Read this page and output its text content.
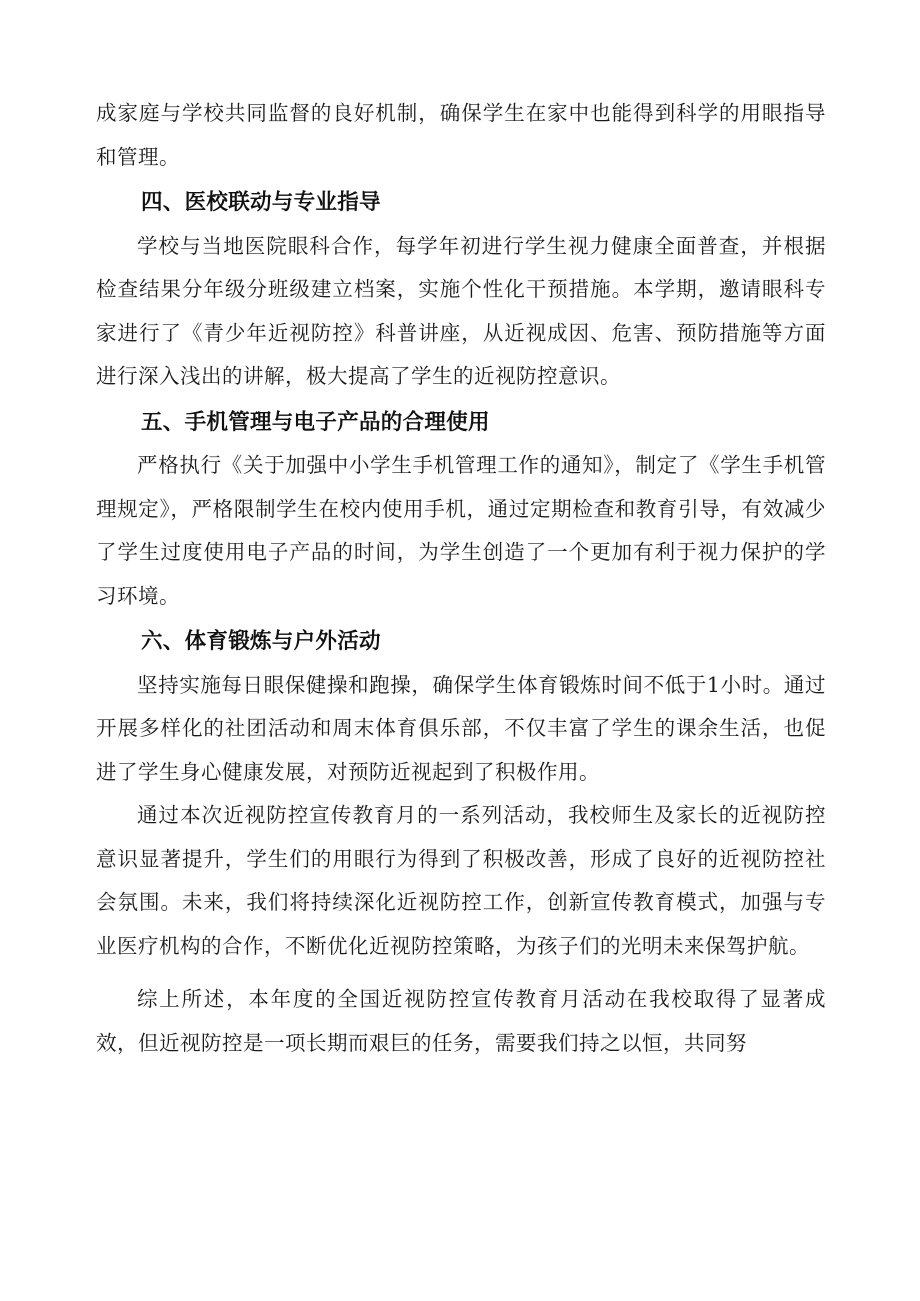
成家庭与学校共同监督的良好机制，确保学生在家中也能得到科学的用眼指导和管理。

四、医校联动与专业指导

学校与当地医院眼科合作，每学年初进行学生视力健康全面普查，并根据检查结果分年级分班级建立档案，实施个性化干预措施。本学期，邀请眼科专家进行了《青少年近视防控》科普讲座，从近视成因、危害、预防措施等方面进行深入浅出的讲解，极大提高了学生的近视防控意识。

五、手机管理与电子产品的合理使用

严格执行《关于加强中小学生手机管理工作的通知》，制定了《学生手机管理规定》，严格限制学生在校内使用手机，通过定期检查和教育引导，有效减少了学生过度使用电子产品的时间，为学生创造了一个更加有利于视力保护的学习环境。

六、体育锻炼与户外活动

坚持实施每日眼保健操和跑操，确保学生体育锻炼时间不低于1小时。通过开展多样化的社团活动和周末体育俱乐部，不仅丰富了学生的课余生活，也促进了学生身心健康发展，对预防近视起到了积极作用。

通过本次近视防控宣传教育月的一系列活动，我校师生及家长的近视防控意识显著提升，学生们的用眼行为得到了积极改善，形成了良好的近视防控社会氛围。未来，我们将持续深化近视防控工作，创新宣传教育模式，加强与专业医疗机构的合作，不断优化近视防控策略，为孩子们的光明未来保驾护航。

综上所述，本年度的全国近视防控宣传教育月活动在我校取得了显著成效，但近视防控是一项长期而艰巨的任务，需要我们持之以恒，共同努
